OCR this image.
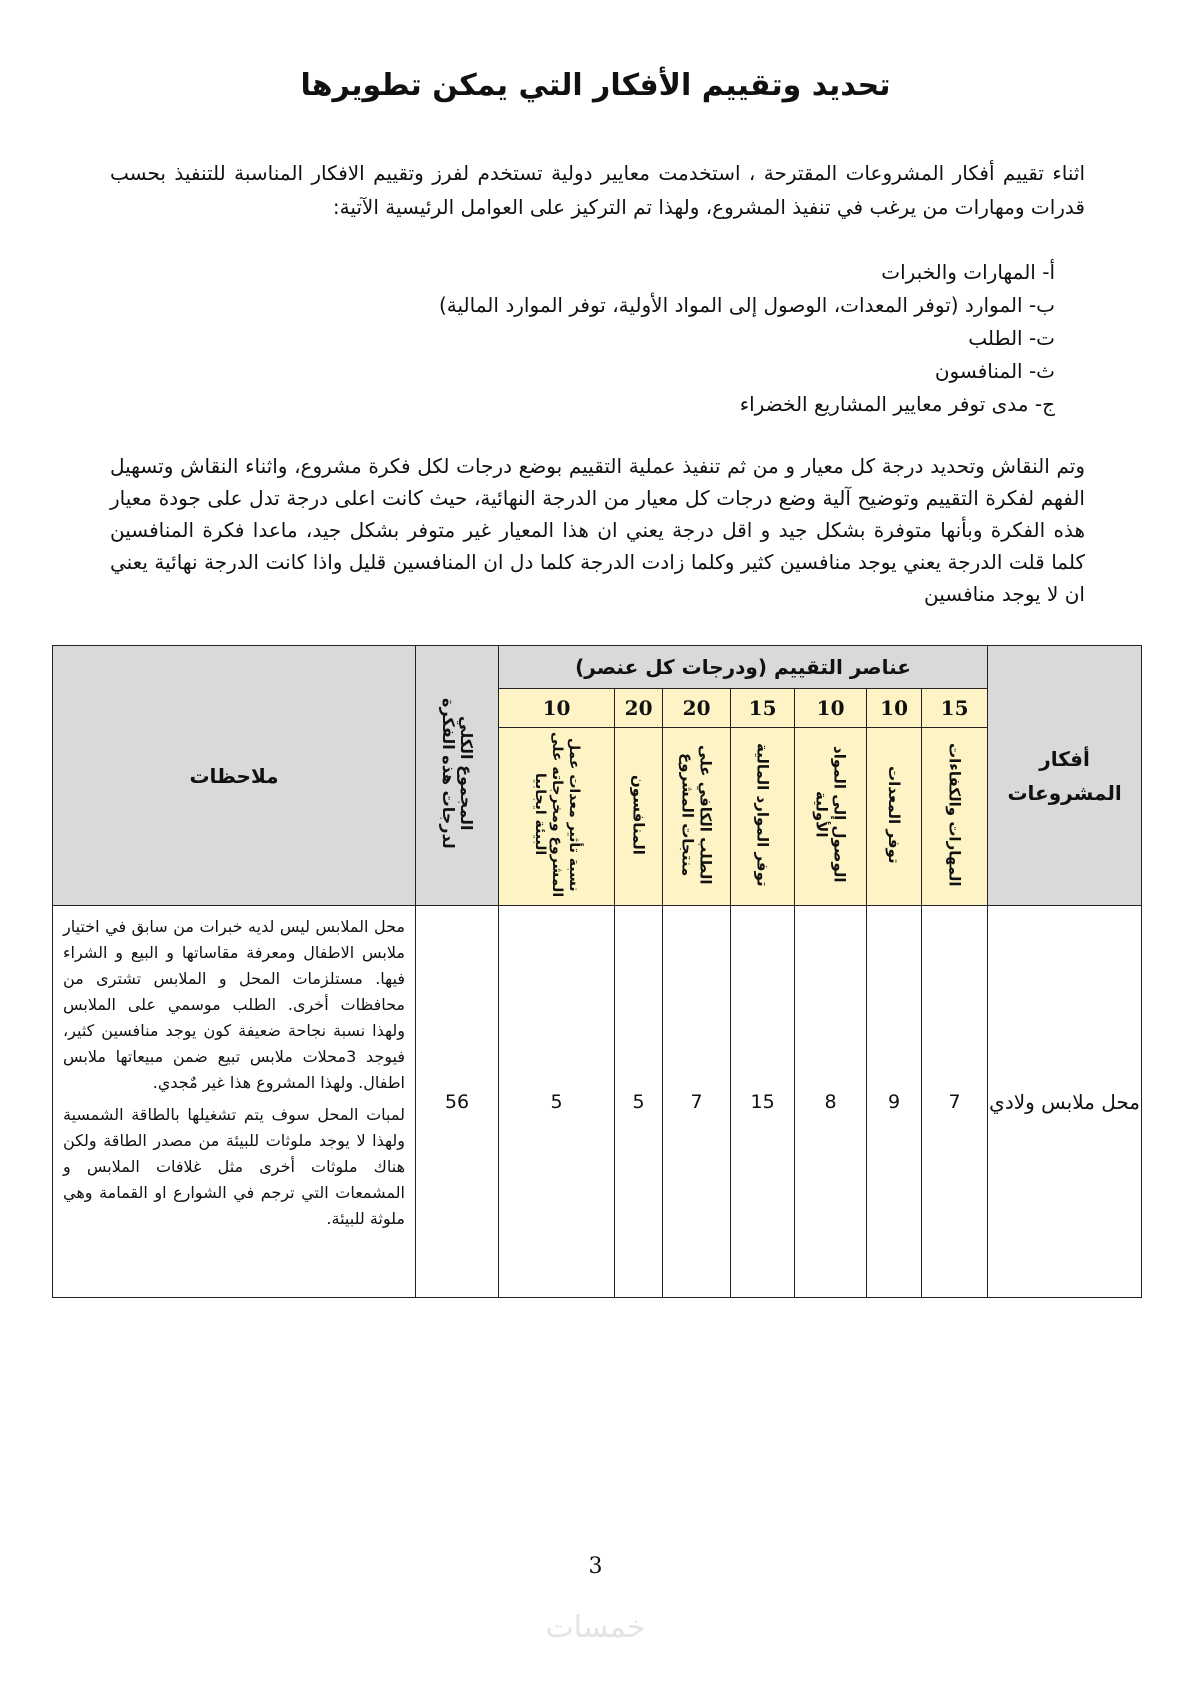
تحديد وتقييم الأفكار التي يمكن تطويرها

اثناء تقييم أفكار المشروعات المقترحة ، استخدمت معايير دولية تستخدم لفرز وتقييم الافكار المناسبة للتنفيذ بحسب قدرات ومهارات من يرغب في تنفيذ المشروع، ولهذا تم التركيز على العوامل الرئيسية الآتية:

أ- المهارات والخبرات
ب- الموارد (توفر المعدات، الوصول إلى المواد الأولية، توفر الموارد المالية)
ت- الطلب
ث- المنافسون
ج- مدى توفر معايير المشاريع الخضراء

وتم النقاش وتحديد درجة كل معيار و من ثم تنفيذ عملية التقييم بوضع درجات لكل فكرة مشروع، واثناء النقاش وتسهيل الفهم لفكرة التقييم وتوضيح آلية وضع درجات كل معيار من الدرجة النهائية، حيث كانت اعلى درجة تدل على جودة معيار هذه الفكرة وبأنها متوفرة بشكل جيد و اقل درجة يعني ان هذا المعيار غير متوفر بشكل جيد، ماعدا فكرة المنافسين كلما قلت الدرجة يعني يوجد منافسين كثير وكلما زادت الدرجة كلما دل ان المنافسين قليل واذا كانت الدرجة نهائية يعني ان لا يوجد منافسين

أفكار المشروعات	عناصر التقييم (ودرجات كل عنصر)							المجموع الكلي لدرجات هذه الفكرة	ملاحظات
	15	10	10	15	20	20	10		
	المهارات والكفاءات	توفر المعدات	الوصول إلى المواد الأولية	توفر الموارد المالية	الطلب الكافي على منتجات المشروع	المنافسون	نسبة تأثير معدات عمل المشروع ومخرجاته على البيئة ايجابيا		
محل ملابس ولادي	7	9	8	15	7	5	5	56	محل الملابس ليس لديه خبرات من سابق في اختيار ملابس الاطفال ومعرفة مقاساتها و البيع و الشراء فيها. مستلزمات المحل و الملابس تشترى من محافظات أخرى. الطلب موسمي على الملابس ولهذا نسبة نجاحة ضعيفة كون يوجد منافسين كثير، فيوجد 3محلات ملابس تبيع ضمن مبيعاتها ملابس اطفال. ولهذا المشروع هذا غير مٌجدي.

لمبات المحل سوف يتم تشغيلها بالطاقة الشمسية ولهذا لا يوجد ملوثات للبيئة من مصدر الطاقة ولكن هناك ملوثات أخرى مثل غلافات الملابس و المشمعات التي ترجم في الشوارع او القمامة وهي ملوثة للبيئة.

3
خمسات
